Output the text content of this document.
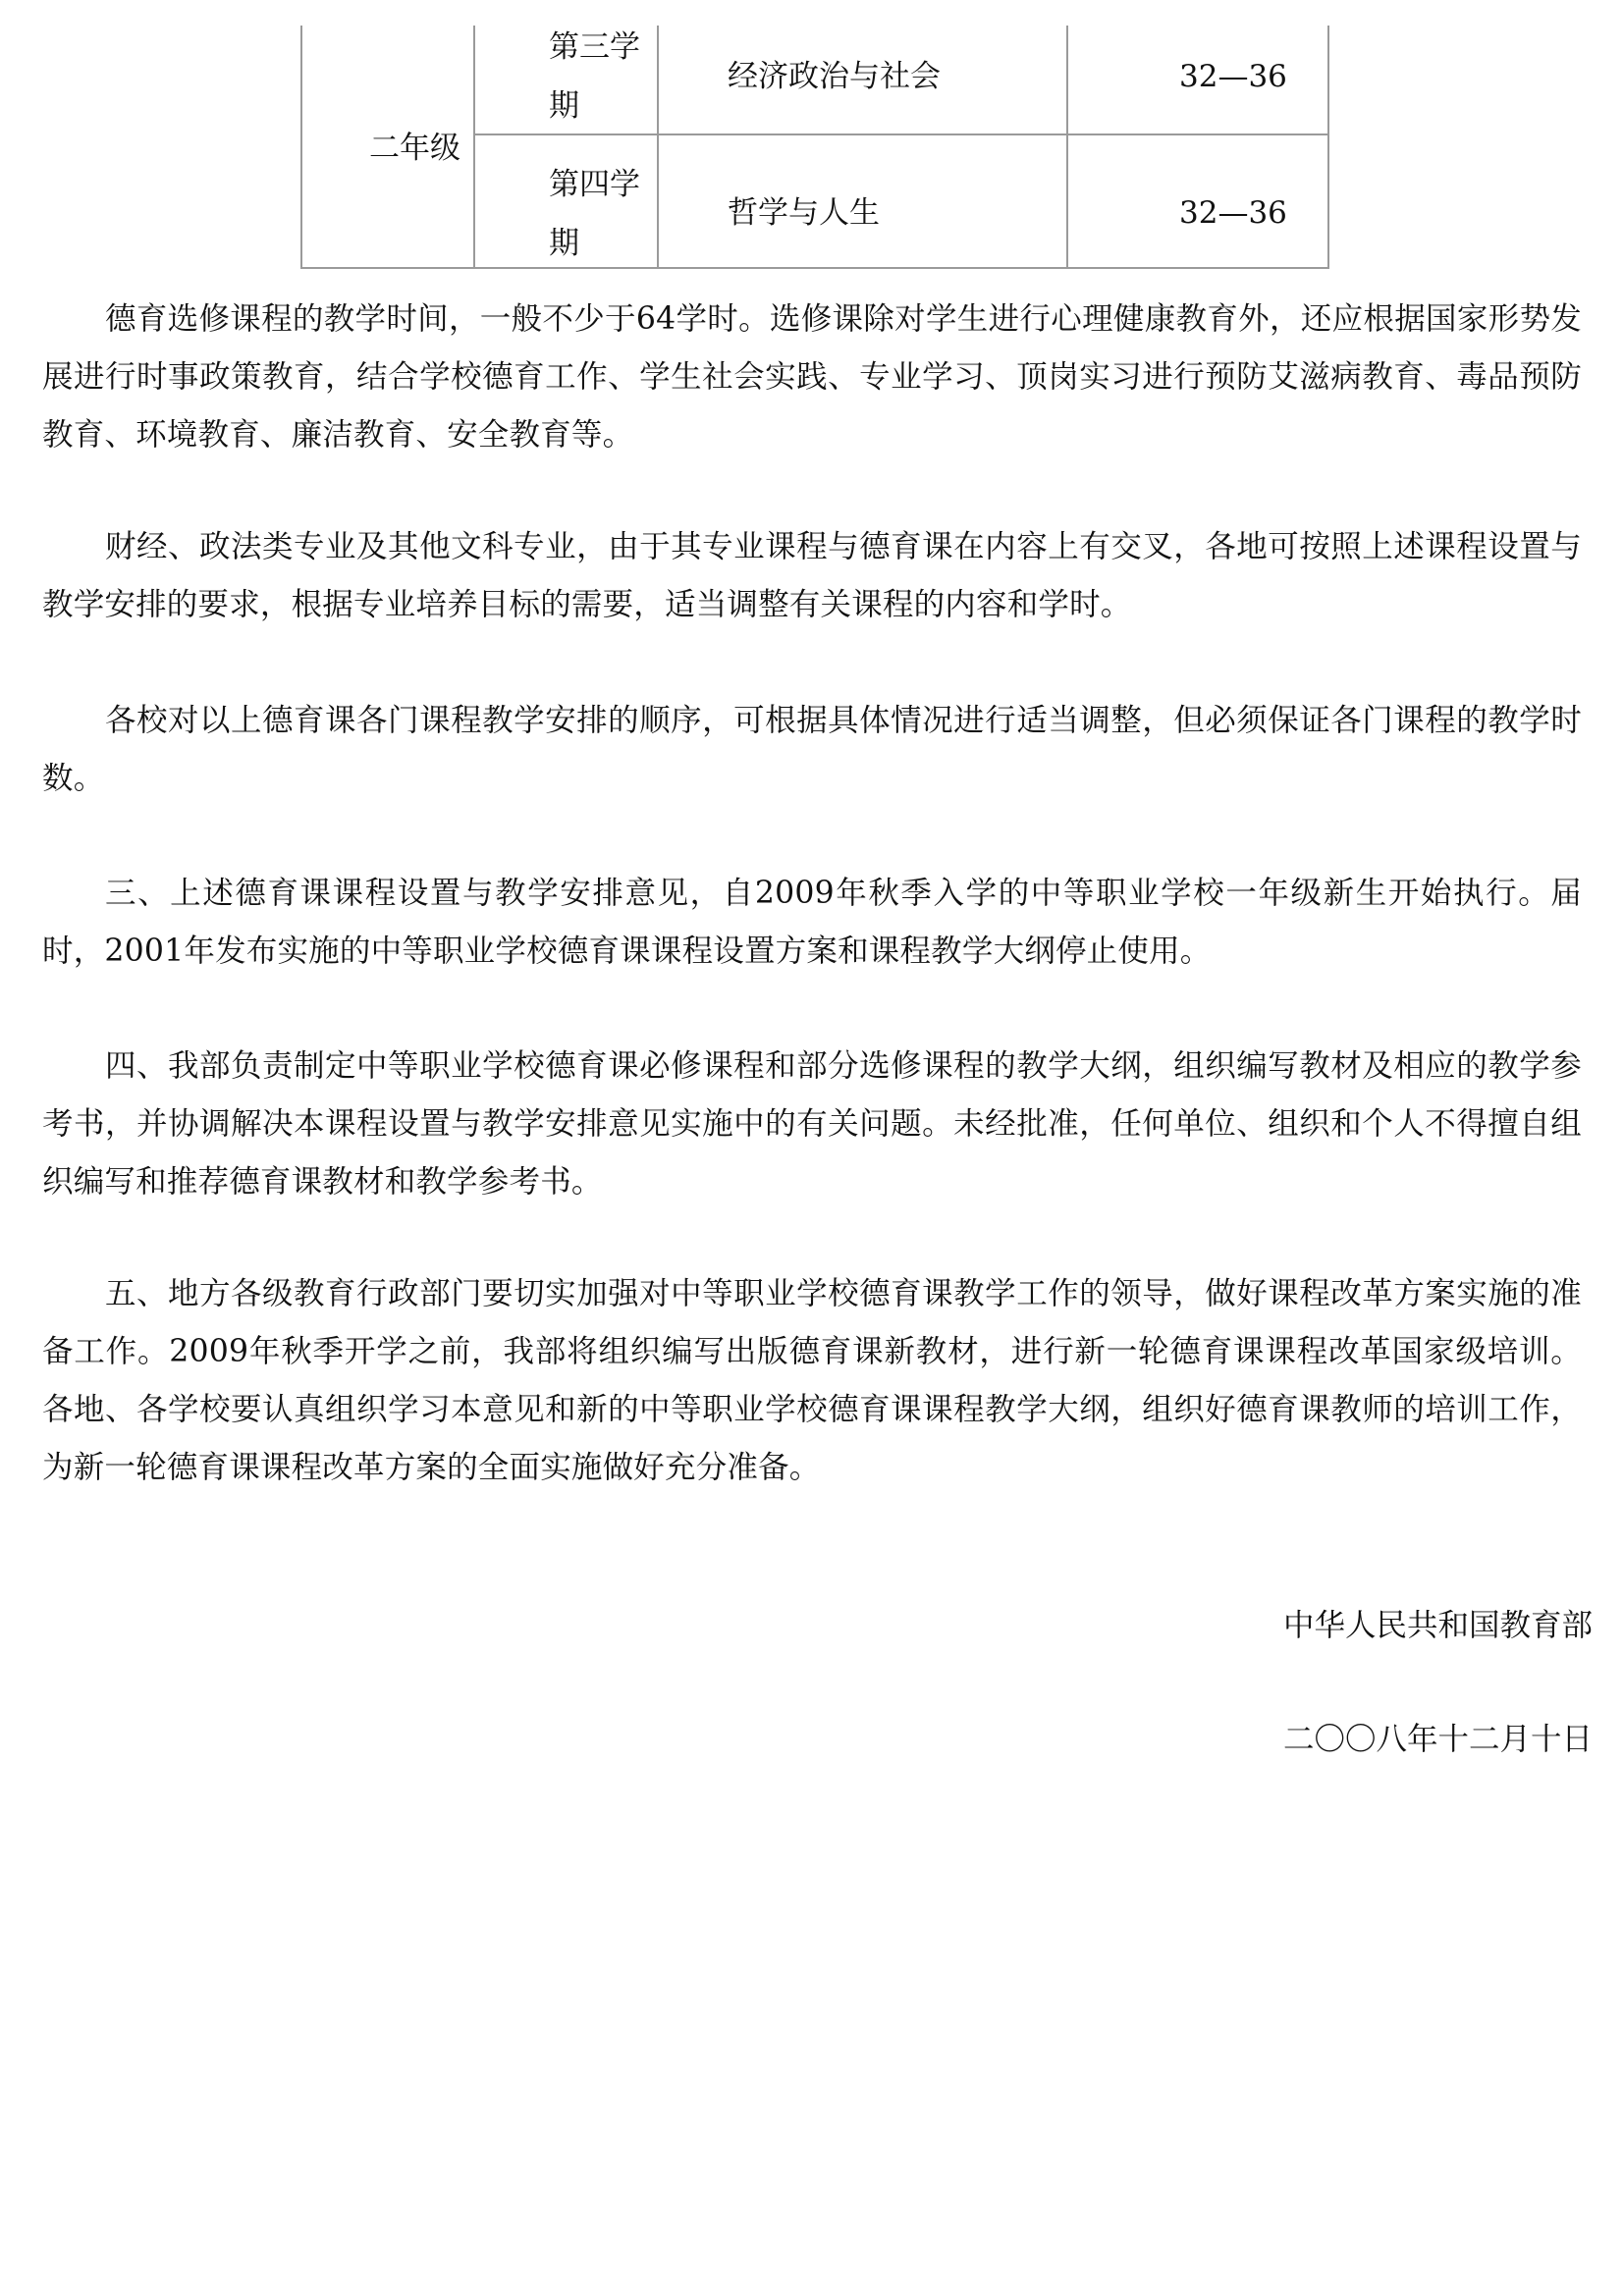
二年级
第三学
期
经济政治与社会	32—36
第四学
期
哲学与人生	32—36

德育选修课程的教学时间，一般不少于64学时。选修课除对学生进行心理健康教育外，还应根据国家形势发展进行时事政策教育，结合学校德育工作、学生社会实践、专业学习、顶岗实习进行预防艾滋病教育、毒品预防教育、环境教育、廉洁教育、安全教育等。

财经、政法类专业及其他文科专业，由于其专业课程与德育课在内容上有交叉，各地可按照上述课程设置与教学安排的要求，根据专业培养目标的需要，适当调整有关课程的内容和学时。

各校对以上德育课各门课程教学安排的顺序，可根据具体情况进行适当调整，但必须保证各门课程的教学时数。

三、上述德育课课程设置与教学安排意见，自2009年秋季入学的中等职业学校一年级新生开始执行。届时，2001年发布实施的中等职业学校德育课课程设置方案和课程教学大纲停止使用。

四、我部负责制定中等职业学校德育课必修课程和部分选修课程的教学大纲，组织编写教材及相应的教学参考书，并协调解决本课程设置与教学安排意见实施中的有关问题。未经批准，任何单位、组织和个人不得擅自组织编写和推荐德育课教材和教学参考书。

五、地方各级教育行政部门要切实加强对中等职业学校德育课教学工作的领导，做好课程改革方案实施的准备工作。2009年秋季开学之前，我部将组织编写出版德育课新教材，进行新一轮德育课课程改革国家级培训。各地、各学校要认真组织学习本意见和新的中等职业学校德育课课程教学大纲，组织好德育课教师的培训工作，为新一轮德育课课程改革方案的全面实施做好充分准备。

中华人民共和国教育部
二〇〇八年十二月十日
